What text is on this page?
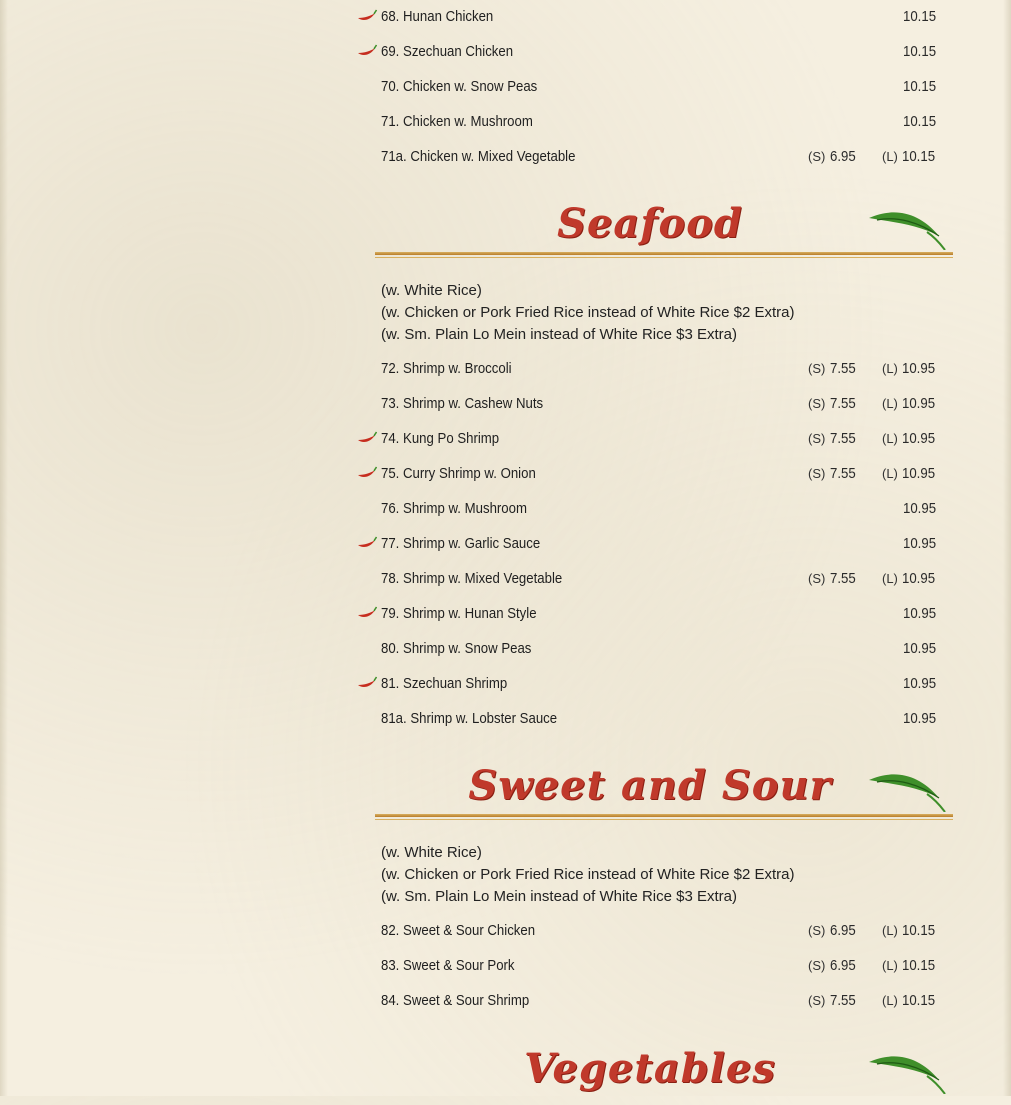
68. Hunan Chicken	10.15
69. Szechuan Chicken	10.15
70. Chicken w. Snow Peas	10.15
71. Chicken w. Mushroom	10.15
71a. Chicken w. Mixed Vegetable	(S) 6.95 (L) 10.15
Seafood
(w. White Rice)
(w. Chicken or Pork Fried Rice instead of White Rice $2 Extra)
(w. Sm. Plain Lo Mein instead of White Rice $3 Extra)
72. Shrimp w. Broccoli	(S) 7.55 (L) 10.95
73. Shrimp w. Cashew Nuts	(S) 7.55 (L) 10.95
74. Kung Po Shrimp	(S) 7.55 (L) 10.95
75. Curry Shrimp w. Onion	(S) 7.55 (L) 10.95
76. Shrimp w. Mushroom	10.95
77. Shrimp w. Garlic Sauce	10.95
78. Shrimp w. Mixed Vegetable	(S) 7.55 (L) 10.95
79. Shrimp w. Hunan Style	10.95
80. Shrimp w. Snow Peas	10.95
81. Szechuan Shrimp	10.95
81a. Shrimp w. Lobster Sauce	10.95
Sweet and Sour
(w. White Rice)
(w. Chicken or Pork Fried Rice instead of White Rice $2 Extra)
(w. Sm. Plain Lo Mein instead of White Rice $3 Extra)
82. Sweet & Sour Chicken	(S) 6.95 (L) 10.15
83. Sweet & Sour Pork	(S) 6.95 (L) 10.15
84. Sweet & Sour Shrimp	(S) 7.55 (L) 10.15
Vegetables
